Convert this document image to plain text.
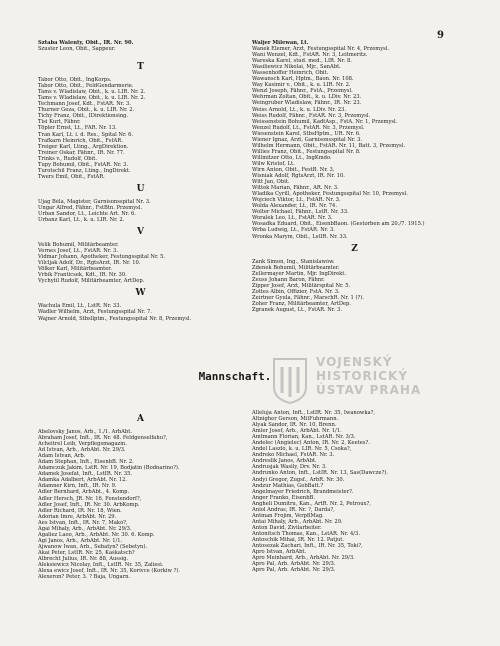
9
Sztaba Walenty, Obit., IR. Nr. 90.
Szuster Leon, Obit., Sappeur.
T
Tabor Otto, Obit., IngKorps.
Tabor Otto, Obit., FeldGendarmerie.
Tams v. Wladislaw, Obit., k. u. LIR. Nr. 2.
Tams v. Wladislaw, Obit., k. u. LIR. Nr. 2.
Techmann Josef, Kdt., FstAR. Nr. 3.
Thurner Geza, Obit., k. u. LIR. Nr. 2.
Tichy Franz, Obit., IDirektionsing.
Tisi Kurt, Fähnr.
Töpler Ernst, Lt., FAR. Nr. 13.
Tran Karl, Lt. i. d. Res., Spital Nr. 6.
Trafkarn Heinrich, Obit., FstAR.
Treiger Karl, Lting., ArgDirektion.
Treiner Oskar, Fähnr., IR. Nr. 77.
Trinks v., Rudolf, Obit.
Tupy Bohumil, Obit., FstAR. Nr. 3.
Turotschil Franz, Lting., IngDirekt.
Twers Emil, Obit., FstAR.
U
Ujag Béla, Magister, Garnisonsspital Nr. 3.
Ungar Alfred, Fähnr., FstBtn. Przemysl.
Urban Sandor, Lt., Leichte Art. Nr. 6.
Urbanz Karl, Lt., k. u. LIR. Nr. 2.
V
Velik Bohumil, Militärbeamter.
Vernes Josef, Lt., FstAR. Nr. 3.
Vidmar Johann, Apotheker, Festungsspital Nr. 5.
Vilcljak Adolf, Dr., RgtsArzt, IR. Nr. 10.
Völker Karl, Militärbeamter.
Vrbik Franticsek, Kdt., IR. Nr. 30.
Vychytil Rudolf, Militärbeamter, ArtDep.
W
Wachula Emil, Lt., LstR. Nr. 33.
Wadler Wilhelm, Arzt, Festungsspital Nr. 7.
Wajner Arnold, Stbsllptm., Festungsspital Nr. 8, Przemysl.
Waljer Milewan, Lt.
Wanek Elemer, Arzt, Festungsspital Nr. 4, Przemysl.
Wani Wenzel, Kdt., FstAR. Nr. 3, Leitmeritz.
Wareska Karel, stud. med., LIR. Nr. 8.
Wasiliewicz Nikolai, Mjr., SanAbt.
Wassenhoffer Heinrich, Obit.
Wawansch Karl, Hptm., Baon. Nr. 108.
Way Kasimir v., Obit., k. u. LIR. Nr. 2.
Wenzl Joseph, Fähnr., FstA., Przemysl.
Wehrman Zoltan, Obit., k. u. LDiv. Nr. 23.
Weingruber Wladislaw, Fähnr., IR. Nr. 23.
Weiss Arnold, Lt., k. u. LDiv. Nr. 23.
Weiss Rudolf, Fähnr., FstAR. Nr. 3, Przemysl.
Weissenstein Bohumil, KadtAsp., FstA. Nr. 1, Przemysl.
Wenzel Rudolf, Lt., FstAR. Nr. 3, Przemysl.
Wiesenstein Karel, StbsHptm., UR. Nr. 6.
Wiener Ignaz, Arzt, Garnisonsspital Nr. 3.
Wilhelm Hermann, Obit., FstAR. Nr. 11, Batt. 3, Przemysl.
Willies Franz, Obit., Festungsspital Nr. 8.
Willmitzer Otto, Lt., IngKmdo.
Wilw Kristof, Lt.
Wirn Anton, Obit., FestB. Nr. 3.
Wisniak Adolf, RgtsArzt, IR. Nr. 10.
Witt Jan, Obit.
Wittek Marian, Fähnr., AR. Nr. 3.
Wladika Cyrill, Apotheker, Festungsspital Nr. 10, Przemysl.
Wojciech Viktor, Lt., FstAR. Nr. 3.
Wolda Alexander, Lt., IR. Nr. 74.
Wolter Michael, Fähnr., LstR. Nr. 33.
Woralek Leo, Lt., FstAR. Nr. 3.
Wosadka Eduard, Obit., EisenbBaon. (Gestorben am 20./7. 1915.)
Wrba Ludwig, Lt., FstAR. Nr. 3.
Wronka Marym, Obit., LstIR. Nr. 33.
Z
Zank Simon, Ing., Stanislawów.
Zdenek Bohumil, Militärbeamter.
Zellermayer Martin, Mjr. IngDirekt.
Zeuss Johann Baron, Fähnr.
Zipper Josef, Arzt, Militärspital Nr. 5.
Zottes Albin, Offizier, FstA. Nr. 3.
Zeirtner Gyula, Fähnr., MarschR. Nr. 1 (?).
Zoher Franz, Militärbeamter, ArtDep.
Zgranek August, Lt., FstAR. Nr. 3.
Mannschaft.
A
Abelovsky Janos, Arb., 1./1. ArbAbt.
Abraham Josef, Inft., IR. Nr. 48. Feldgenselfahu?,
Acheitrel Leib, Verpflegsmagazin.
Ad Istvan, Arb., ArbAbt. Nr. 29/3.
Adam Istvan, Arb.
Adam Stephan, Inft., EisenbB. Nr. 2.
Adamczuk Jakim, LstR. Nr. 19, Bodjatin (Bodnarino?).
Adamek Josefat, Inft., LstIR. Nr. 35.
Adamka Adalbert, ArbAbt. Nr. 12.
Adamner Kirn, Inft., IR. Nr. 9.
Adler Bernhard, ArbAbt., 4. Komp.
Adler Hersch, JR. Nr. 16, Fenstendorf?,
Adler Josef, Inft., IR. Nr. 30. ArbKomp.
Adler Richard, IR. Nr. 18, Wien.
Adorian Imre, ArbAbt. Nr. 29.
Aes Istvan, Inft., IR. Nr. 7, Makó?,
Agai Mihaly, Arb., ArbAbt. Nr. 29/3.
Agaliez Laoo, Arb., ArbAbt. Nr. 30. 6. Komp.
Agi Janos, Arb., ArbAbt. Nr. 1/1.
Ajwanow Iwan, Arb., Sebatyn? (Sebetyn).
Akai Peter, LstIR. Nr. 25, Kaškatsch?
Albrecht Julius, IR. Nr. 88, Aussig.
Aleksiewicz Nicolay, Inft., LstIR. Nr. 35, Zaliesi.
Alexa ewicz Josef, Inft., IR. Nr. 35, Korivce (Korkiw ?).
Alexeron? Peter, 3. ? Baja, Ungarn.
Alleluja Anton, Inft., LstIR. Nr. 35, Iwanowka?,
Altnigher Gerson, MilFuhrmann.
Alyak Sándor, IR. Nr. 10, Brenn.
Amler Josef, Arb., ArbAbt. Nr. 1/1.
Amtmann Florian, Kan., LstAR. Nr. 3/3.
Andelec (Angielec) Anton, IR. Nr. 2, Keetes?.
Andel Laszlo, k. u. LIR. Nr. 5, Csoka?,
Andreko Michael, FstAR. Nr. 3.
Andreslik Janos, ArbAbt.
Andrusjak Wasily, Drv. Nr. 3.
Andrunko Anton, Inft., LstIR. Nr. 13, Sas(Dawcze?).
Andyi Gregor, Zugsf., ArbR. Nr. 30.
Andzur Mathias, GebBatt.?
Angelmayer Friedrich, Brandmeister?.
Anger Franko, EisenbB.
Angheli Dumitru, Kan., ArtR. Nr. 2, Petroux?,
Aniol Andras, IR. Nr. ?, Darda?,
Antman Frojim, VerpflMag.
Antai Mihaly, Arb., ArbAbt. Nr. 29.
Anton David, Zivilarbeiter.
Antonitsch Thomas, Kan., LstAR. Nr. 4/3.
Antoschik Mihai, IR. Nr. 12. Patjut.
Antosezak Zachari, Inft., IR. Nr. 35, Toki?,
Apro Istvan, ArbAbt.
Apro Meinhard, Arb., ArbAbt. Nr. 29/3.
Apro Pal, Arb. ArbAbt. Nr. 29/3.
Apro Pal, Arb. ArbAbt. Nr. 29/3.
VOJENSKÝ
HISTORICKÝ
ÚSTAV PRAHA
